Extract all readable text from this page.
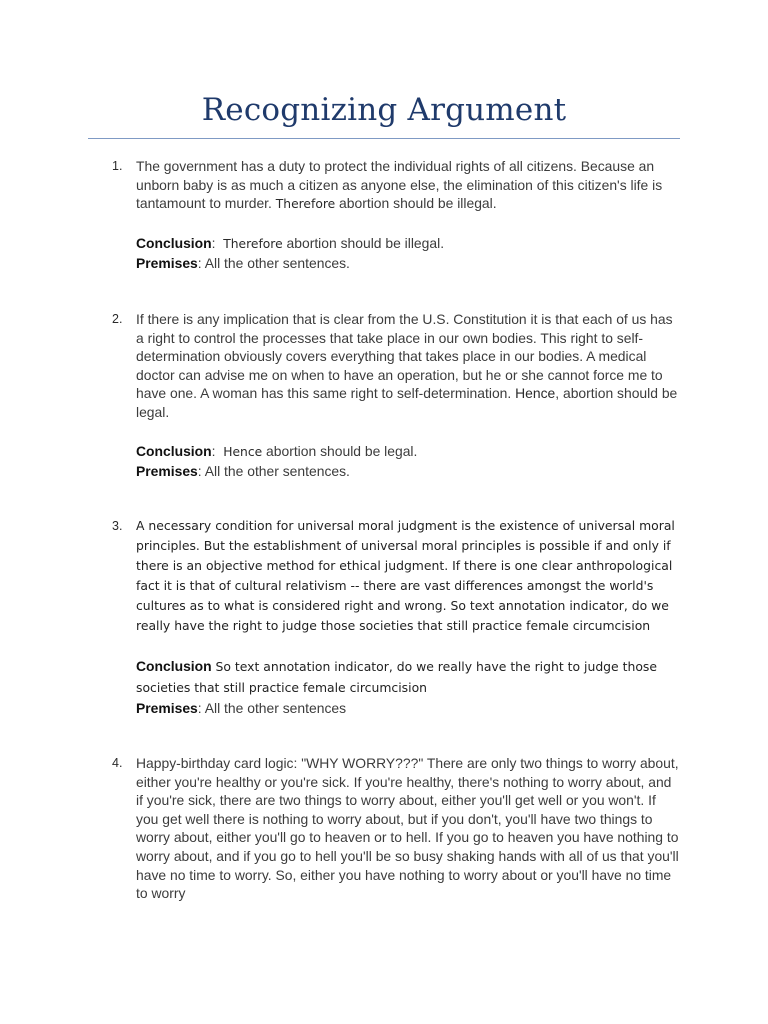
Recognizing Argument
1. The government has a duty to protect the individual rights of all citizens. Because an unborn baby is as much a citizen as anyone else, the elimination of this citizen's life is tantamount to murder. Therefore abortion should be illegal.
Conclusion:  Therefore abortion should be illegal.
Premises: All the other sentences.
2. If there is any implication that is clear from the U.S. Constitution it is that each of us has a right to control the processes that take place in our own bodies. This right to self-determination obviously covers everything that takes place in our bodies. A medical doctor can advise me on when to have an operation, but he or she cannot force me to have one. A woman has this same right to self-determination. Hence, abortion should be legal.
Conclusion:  Hence abortion should be legal.
Premises: All the other sentences.
3. A necessary condition for universal moral judgment is the existence of universal moral principles. But the establishment of universal moral principles is possible if and only if there is an objective method for ethical judgment. If there is one clear anthropological fact it is that of cultural relativism -- there are vast differences amongst the world's cultures as to what is considered right and wrong. So text annotation indicator, do we really have the right to judge those societies that still practice female circumcision
Conclusion So text annotation indicator, do we really have the right to judge those societies that still practice female circumcision
Premises: All the other sentences
4. Happy-birthday card logic: "WHY WORRY???" There are only two things to worry about, either you're healthy or you're sick. If you're healthy, there's nothing to worry about, and if you're sick, there are two things to worry about, either you'll get well or you won't. If you get well there is nothing to worry about, but if you don't, you'll have two things to worry about, either you'll go to heaven or to hell. If you go to heaven you have nothing to worry about, and if you go to hell you'll be so busy shaking hands with all of us that you'll have no time to worry. So, either you have nothing to worry about or you'll have no time to worry
